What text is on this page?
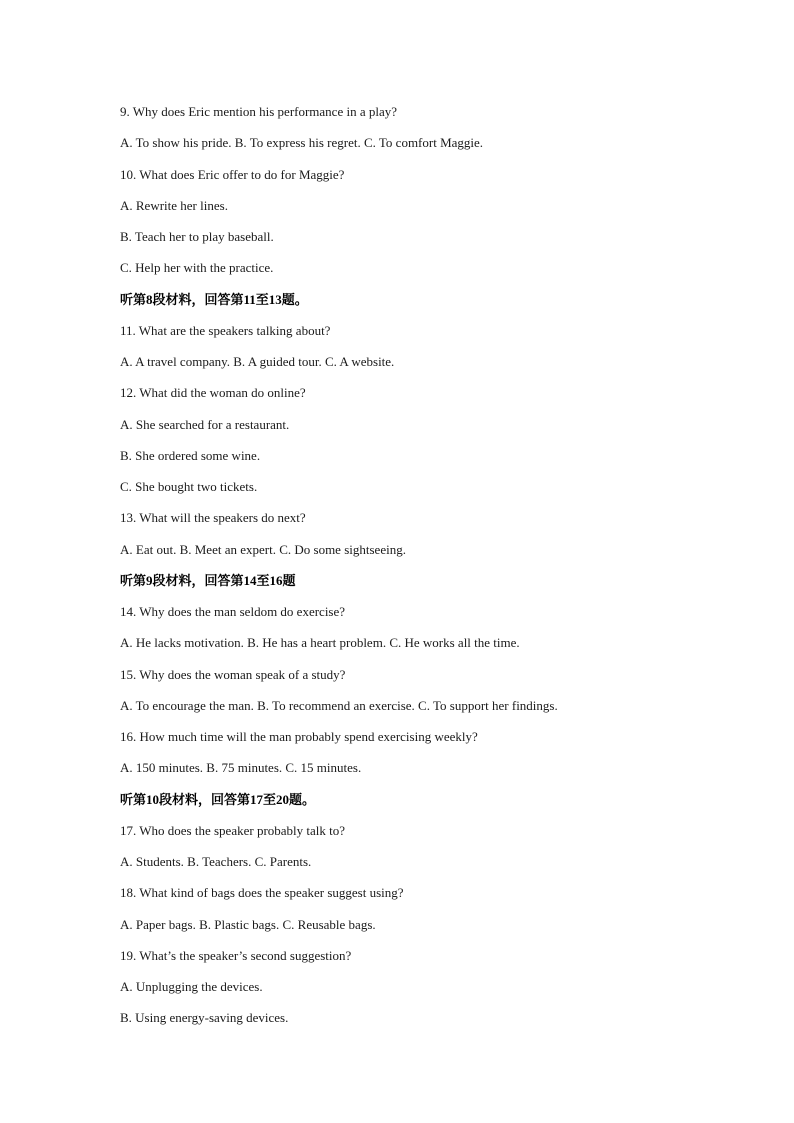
9. Why does Eric mention his performance in a play?
A. To show his pride. B. To express his regret. C. To comfort Maggie.
10. What does Eric offer to do for Maggie?
A. Rewrite her lines.
B. Teach her to play baseball.
C. Help her with the practice.
听第8段材料，回答第11至13题。
11. What are the speakers talking about?
A. A travel company. B. A guided tour. C. A website.
12. What did the woman do online?
A. She searched for a restaurant.
B. She ordered some wine.
C. She bought two tickets.
13. What will the speakers do next?
A. Eat out. B. Meet an expert. C. Do some sightseeing.
听第9段材料，回答第14至16题
14. Why does the man seldom do exercise?
A. He lacks motivation. B. He has a heart problem. C. He works all the time.
15. Why does the woman speak of a study?
A. To encourage the man. B. To recommend an exercise. C. To support her findings.
16. How much time will the man probably spend exercising weekly?
A. 150 minutes. B. 75 minutes. C. 15 minutes.
听第10段材料，回答第17至20题。
17. Who does the speaker probably talk to?
A. Students. B. Teachers. C. Parents.
18. What kind of bags does the speaker suggest using?
A. Paper bags. B. Plastic bags. C. Reusable bags.
19. What’s the speaker’s second suggestion?
A. Unplugging the devices.
B. Using energy-saving devices.
